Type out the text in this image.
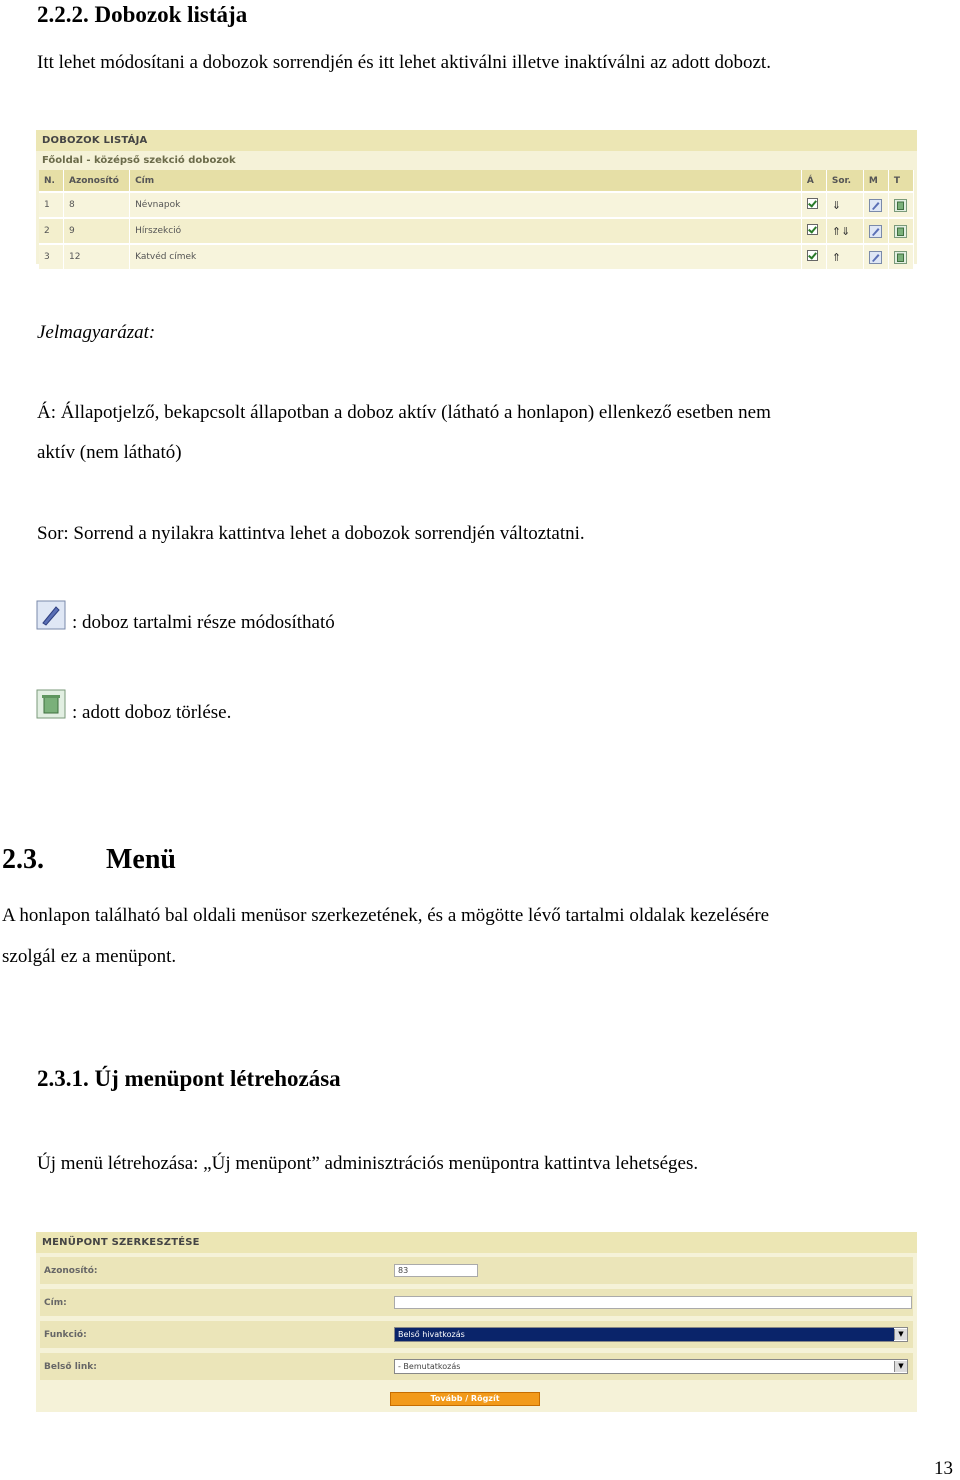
2.2.2. Dobozok listája
Itt lehet módosítani a dobozok sorrendjén és itt lehet aktiválni illetve inaktíválni az adott dobozt.
DOBOZOK LISTÁJA
Főoldal - középső szekció dobozok
N.	Azonosító	Cím	Á	Sor.	M	T
1	8	Névnapok		⇓		
2	9	Hírszekció		⇑⇓		
3	12	Katvéd címek		⇑		
Jelmagyarázat:
Á: Állapotjelző, bekapcsolt állapotban a doboz aktív (látható a honlapon) ellenkező esetben nem
aktív (nem látható)
Sor: Sorrend a nyilakra kattintva lehet a dobozok sorrendjén változtatni.
: doboz tartalmi része módosítható
: adott doboz törlése.
2.3. Menü
A honlapon található bal oldali menüsor szerkezetének, és a mögötte lévő tartalmi oldalak kezelésére
szolgál ez a menüpont.
2.3.1. Új menüpont létrehozása
Új menü létrehozása: „Új menüpont” adminisztrációs menüpontra kattintva lehetséges.
MENÜPONT SZERKESZTÉSE
Azonosító:	83
Cím:
Funkció:	Belső hivatkozás	▼
Belső link:	- Bemutatkozás	▼
Tovább / Rögzít
13
